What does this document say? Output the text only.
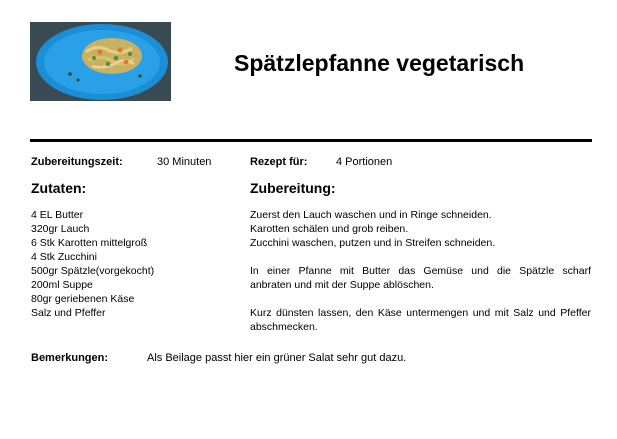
Spätzlepfanne vegetarisch
Zubereitungszeit:	30 Minuten	Rezept für:	4 Portionen
Zutaten:	Zubereitung:
4 EL Butter
320gr Lauch
6 Stk Karotten mittelgroß
4 Stk Zucchini
500gr Spätzle(vorgekocht)
200ml Suppe
80gr geriebenen Käse
Salz und Pfeffer

Zuerst den Lauch waschen und in Ringe schneiden.
Karotten schälen und grob reiben.
Zucchini waschen, putzen und in Streifen schneiden.

In einer Pfanne mit Butter das Gemüse und die Spätzle scharf
anbraten und mit der Suppe ablöschen.

Kurz dünsten lassen, den Käse untermengen und mit Salz und Pfeffer
abschmecken.

Bemerkungen:	Als Beilage passt hier ein grüner Salat sehr gut dazu.
